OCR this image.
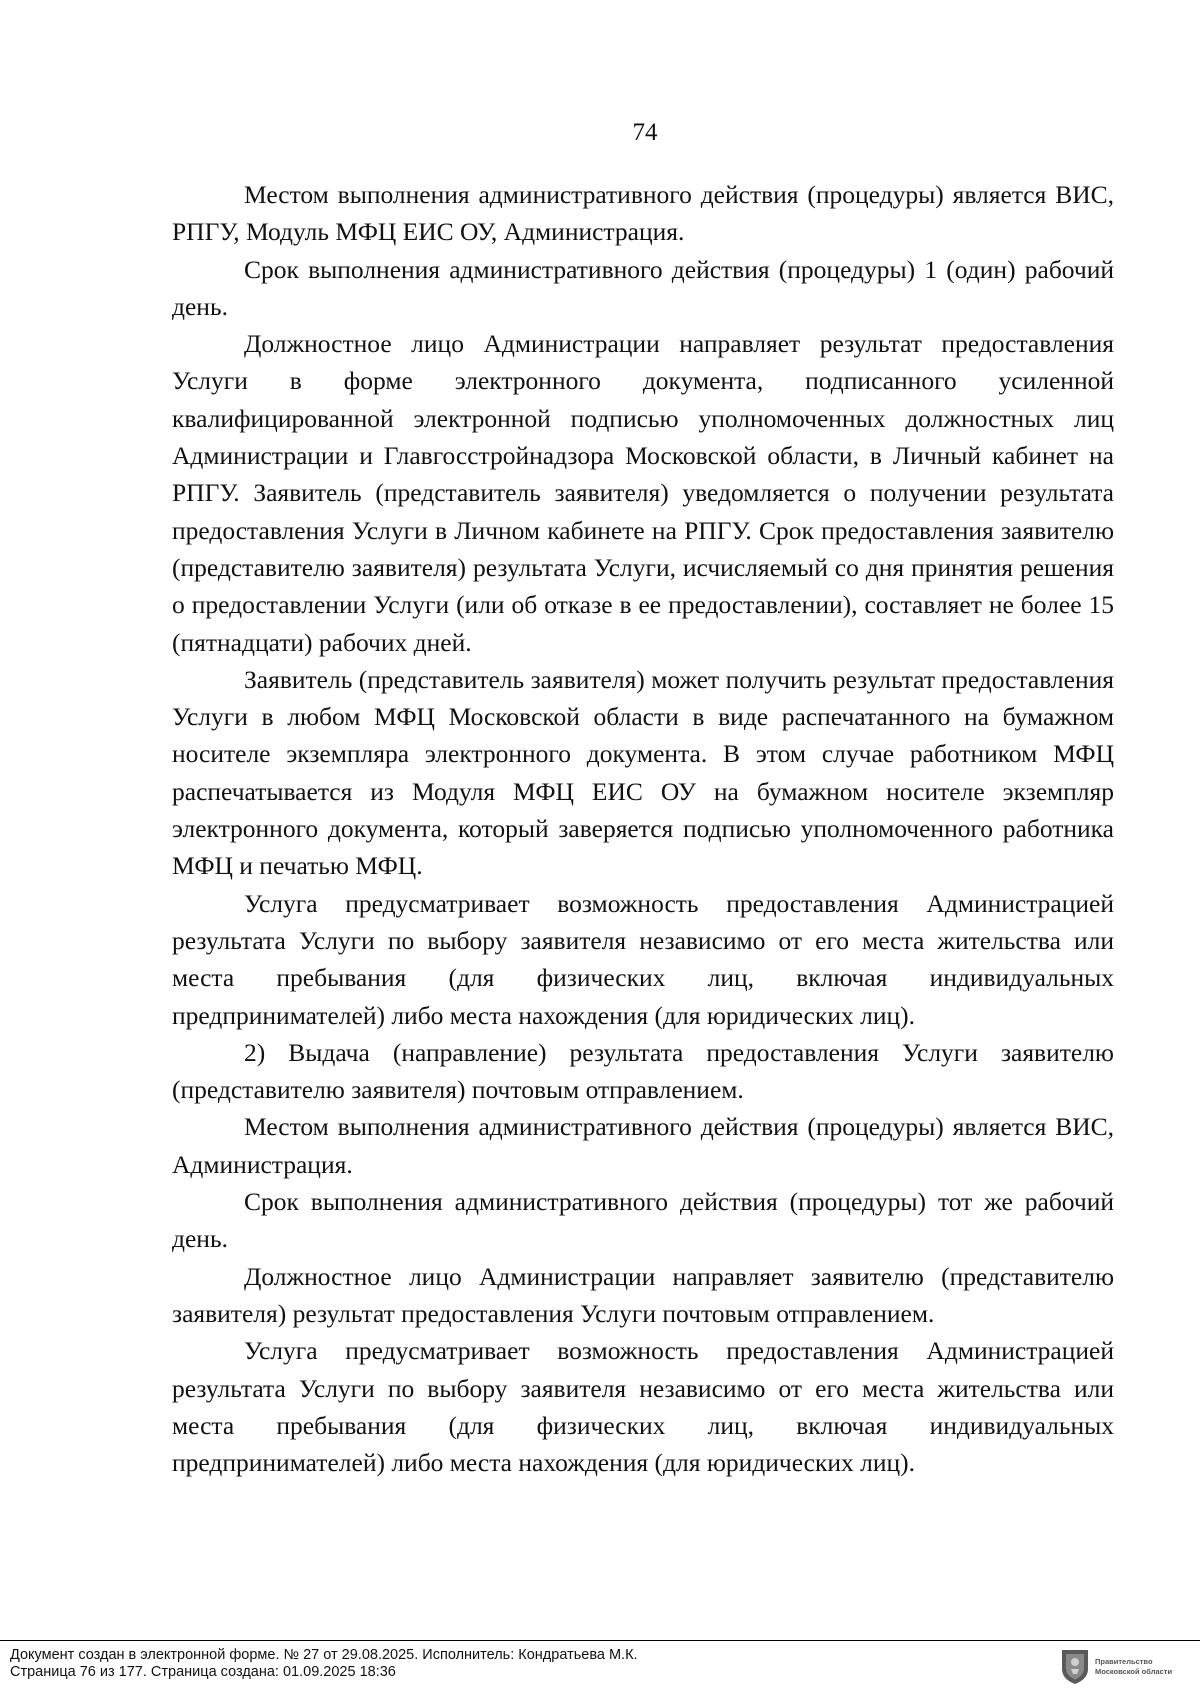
74

Местом выполнения административного действия (процедуры) является ВИС, РПГУ, Модуль МФЦ ЕИС ОУ, Администрация.

Срок выполнения административного действия (процедуры) 1 (один) рабочий день.

Должностное лицо Администрации направляет результат предоставления Услуги в форме электронного документа, подписанного усиленной квалифицированной электронной подписью уполномоченных должностных лиц Администрации и Главгосстройнадзора Московской области, в Личный кабинет на РПГУ. Заявитель (представитель заявителя) уведомляется о получении результата предоставления Услуги в Личном кабинете на РПГУ. Срок предоставления заявителю (представителю заявителя) результата Услуги, исчисляемый со дня принятия решения о предоставлении Услуги (или об отказе в ее предоставлении), составляет не более 15 (пятнадцати) рабочих дней.

Заявитель (представитель заявителя) может получить результат предоставления Услуги в любом МФЦ Московской области в виде распечатанного на бумажном носителе экземпляра электронного документа. В этом случае работником МФЦ распечатывается из Модуля МФЦ ЕИС ОУ на бумажном носителе экземпляр электронного документа, который заверяется подписью уполномоченного работника МФЦ и печатью МФЦ.

Услуга предусматривает возможность предоставления Администрацией результата Услуги по выбору заявителя независимо от его места жительства или места пребывания (для физических лиц, включая индивидуальных предпринимателей) либо места нахождения (для юридических лиц).

2) Выдача (направление) результата предоставления Услуги заявителю (представителю заявителя) почтовым отправлением.

Местом выполнения административного действия (процедуры) является ВИС, Администрация.

Срок выполнения административного действия (процедуры) тот же рабочий день.

Должностное лицо Администрации направляет заявителю (представителю заявителя) результат предоставления Услуги почтовым отправлением.

Услуга предусматривает возможность предоставления Администрацией результата Услуги по выбору заявителя независимо от его места жительства или места пребывания (для физических лиц, включая индивидуальных предпринимателей) либо места нахождения (для юридических лиц).

Документ создан в электронной форме. № 27 от 29.08.2025. Исполнитель: Кондратьева М.К.
Страница 76 из 177. Страница создана: 01.09.2025 18:36
Правительство
Московской области
